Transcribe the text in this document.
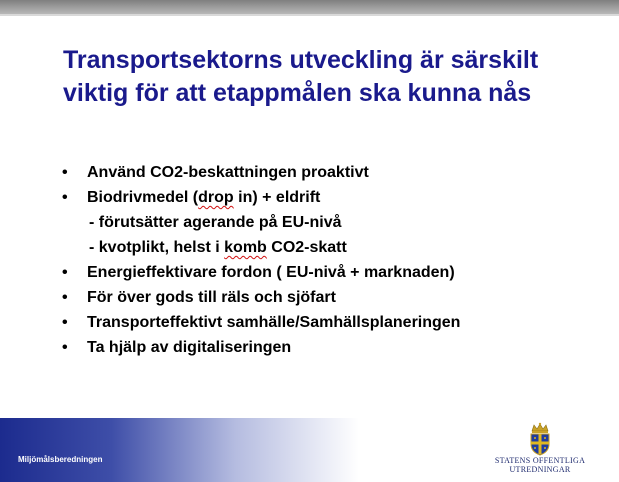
Transportsektorns utveckling är särskilt viktig för att etappmålen ska kunna nås
• Använd CO2-beskattningen proaktivt
• Biodrivmedel (drop in) + eldrift
- förutsätter agerande på EU-nivå
- kvotplikt, helst i komb CO2-skatt
• Energieffektivare fordon ( EU-nivå + marknaden)
• För över gods till räls och sjöfart
• Transporteffektivt samhälle/Samhällsplaneringen
• Ta hjälp av digitaliseringen
Miljömålsberedningen	STATENS OFFENTLIGA
UTREDNINGAR
